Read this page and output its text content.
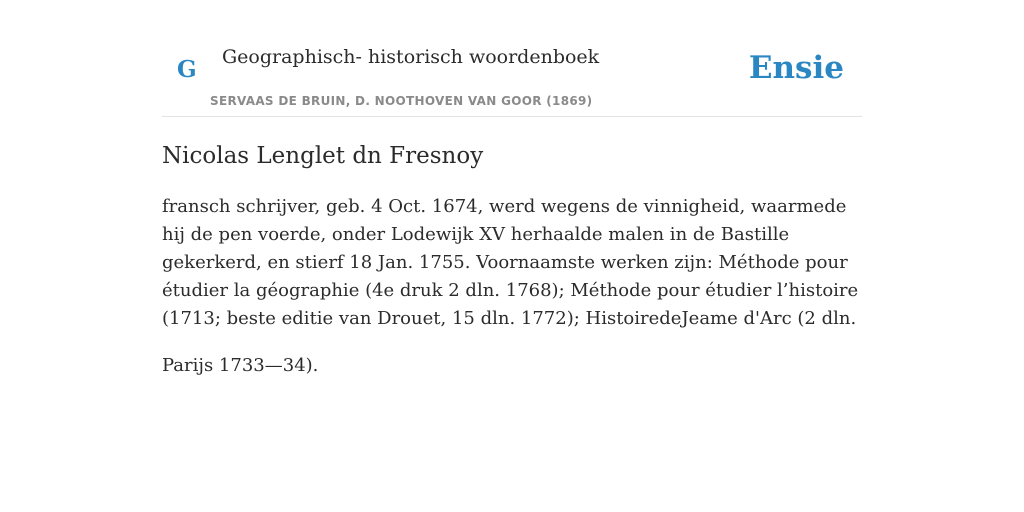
G Geographisch- historisch woordenboek
SERVAAS DE BRUIN, D. NOOTHOVEN VAN GOOR (1869)
Ensie
Nicolas Lenglet dn Fresnoy

fransch schrijver, geb. 4 Oct. 1674, werd wegens de vinnigheid, waarmede hij de pen voerde, onder Lodewijk XV herhaalde malen in de Bastille gekerkerd, en stierf 18 Jan. 1755. Voornaamste werken zijn: Méthode pour étudier la géographie (4e druk 2 dln. 1768); Méthode pour étudier l’histoire (1713; beste editie van Drouet, 15 dln. 1772); HistoiredeJeame d'Arc (2 dln.

Parijs 1733—34).
